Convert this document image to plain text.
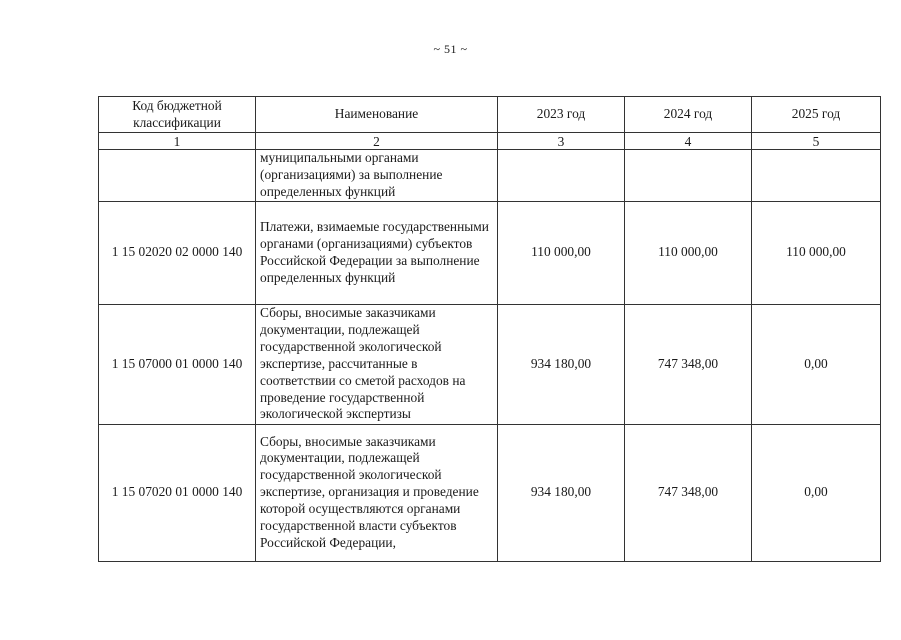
~ 51 ~
Код бюджетной классификации	Наименование	2023 год	2024 год	2025 год
1	2	3	4	5
	муниципальными органами (организациями) за выполнение определенных функций			
1 15 02020 02 0000 140	Платежи, взимаемые государственными органами (организациями) субъектов Российской Федерации за выполнение определенных функций	110 000,00	110 000,00	110 000,00
1 15 07000 01 0000 140	Сборы, вносимые заказчиками документации, подлежащей государственной экологической экспертизе, рассчитанные в соответствии со сметой расходов на проведение государственной экологической экспертизы	934 180,00	747 348,00	0,00
1 15 07020 01 0000 140	Сборы, вносимые заказчиками документации, подлежащей государственной экологической экспертизе, организация и проведение которой осуществляются органами государственной власти субъектов Российской Федерации,	934 180,00	747 348,00	0,00
